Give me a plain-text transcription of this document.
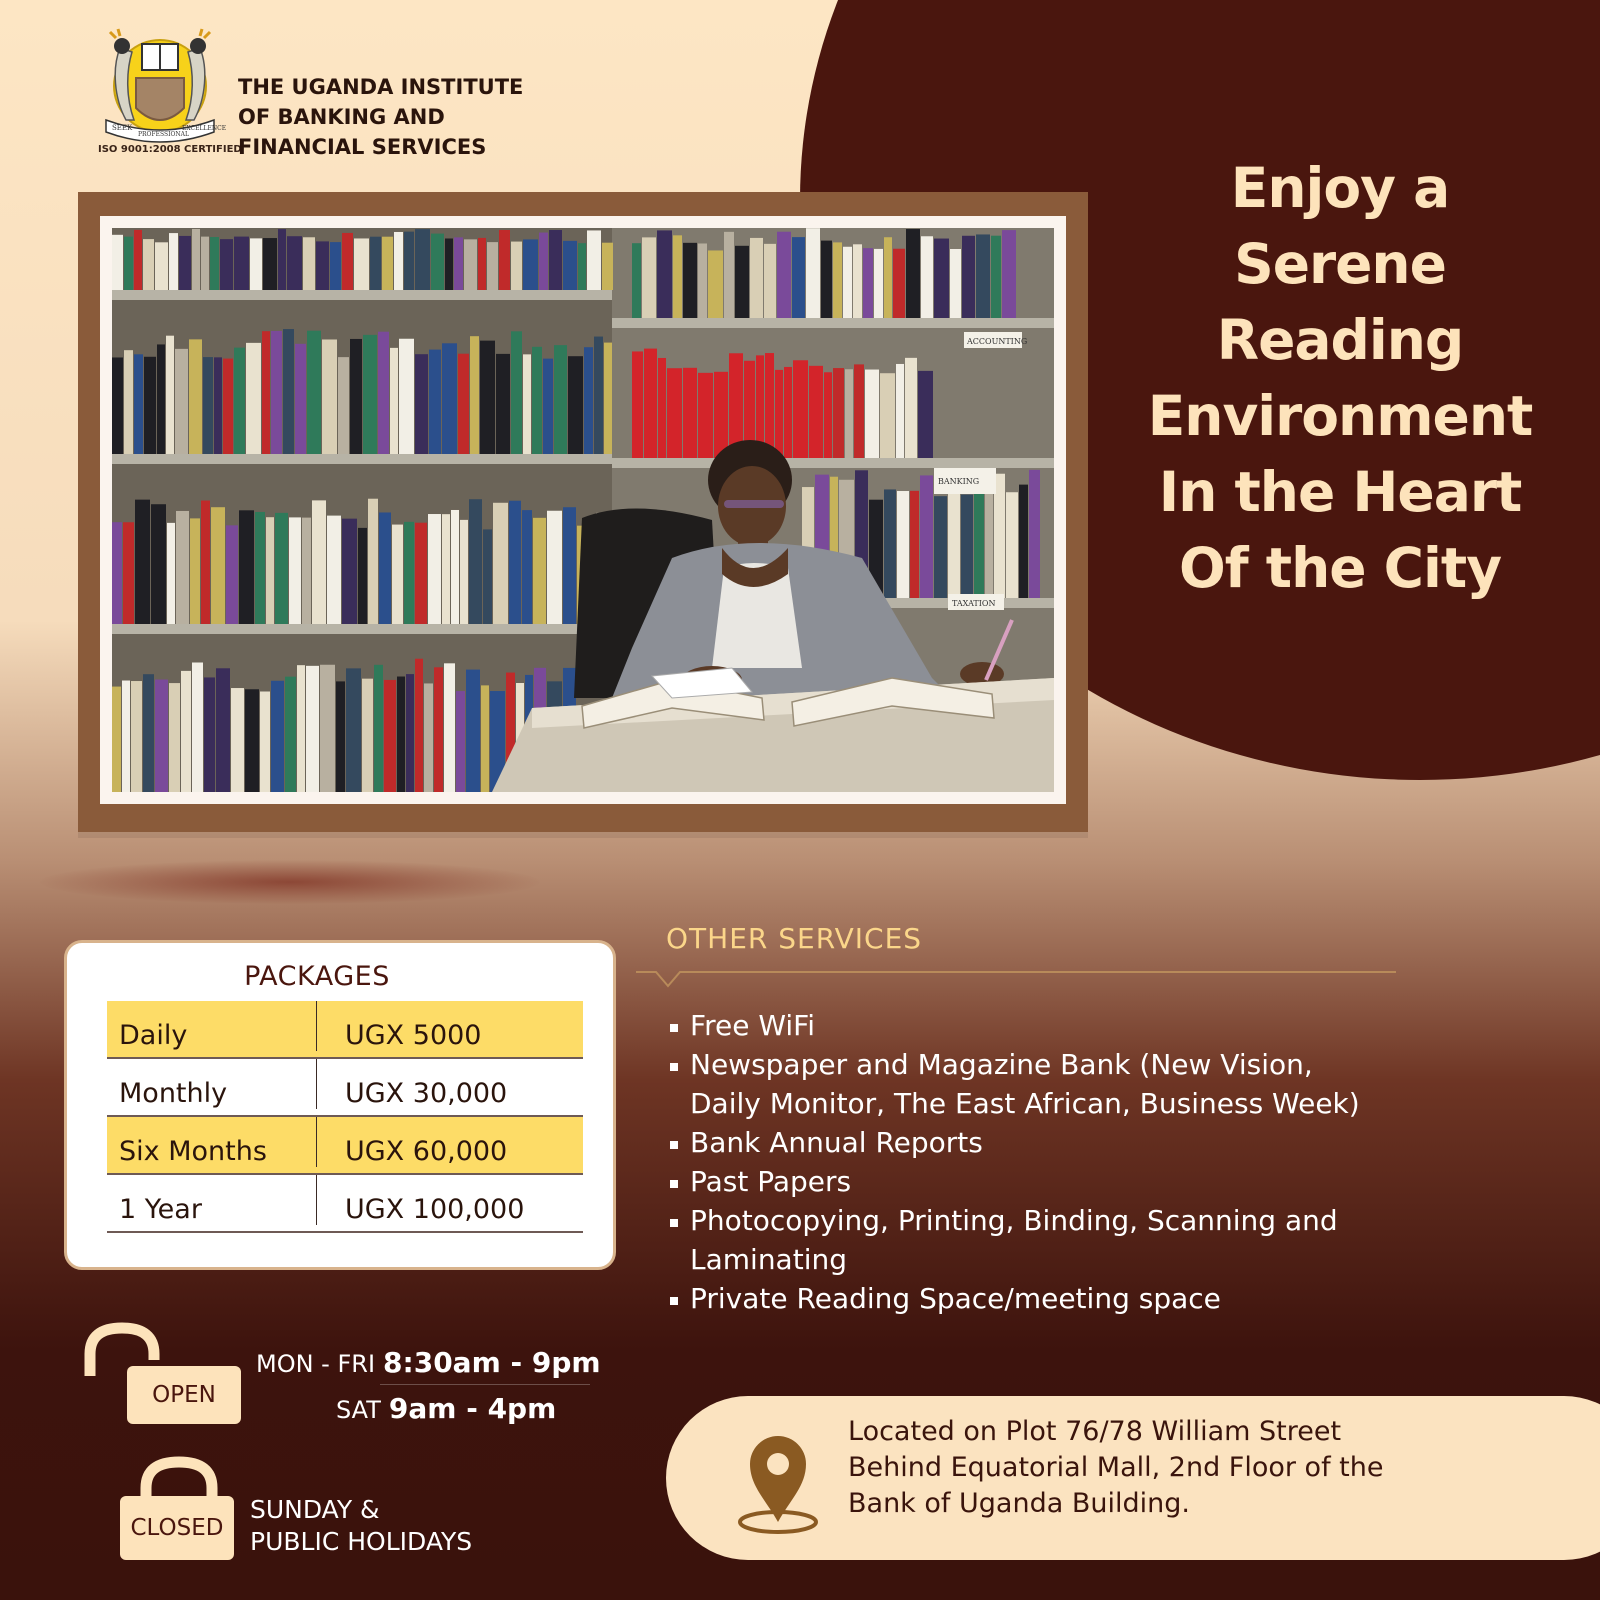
SEEK
PROFESSIONAL
EXCELLENCE
ISO 9001:2008 CERTIFIED
THE UGANDA INSTITUTE
OF BANKING AND
FINANCIAL SERVICES
ACCOUNTING
BANKING
TAXATION
Enjoy a
Serene
Reading
Environment
In the Heart
Of the City
PACKAGES
Daily	UGX 5000
Monthly	UGX 30,000
Six Months	UGX 60,000
1 Year	UGX 100,000
OTHER SERVICES
Free WiFi
Newspaper and Magazine Bank (New Vision, Daily Monitor, The East African, Business Week)
Bank Annual Reports
Past Papers
Photocopying, Printing, Binding, Scanning and Laminating
Private Reading Space/meeting space
OPEN
MON - FRI 8:30am - 9pm
SAT 9am - 4pm
CLOSED
SUNDAY &
PUBLIC HOLIDAYS
Located on Plot 76/78 William Street
Behind Equatorial Mall, 2nd Floor of the
Bank of Uganda Building.
